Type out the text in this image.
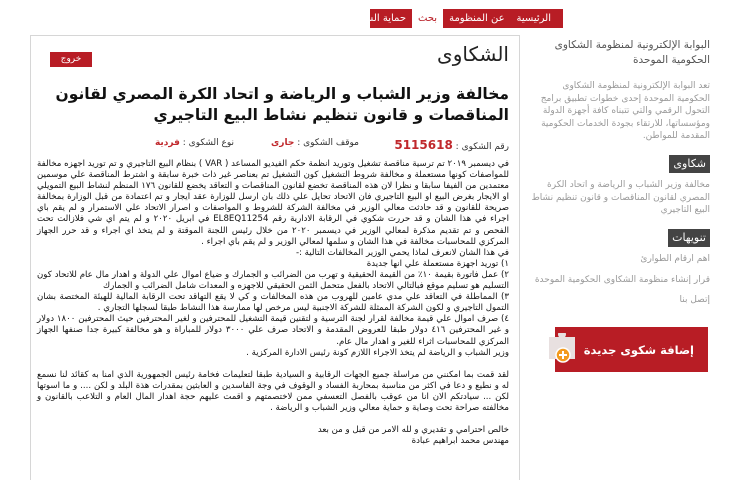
الرئيسية
عن المنظومة
بحث
حماية السرية
الشكاوى
خروج
مخالفة وزير الشباب و الرياضة و اتحاد الكرة المصري لقانون المناقصات و قانون تنظيم نشاط البيع التاجيري
رقم الشكوى : 5115618
موقف الشكوى : جارى
نوع الشكوى : فردية

في ديسمبر ٢٠١٩ تم ترسية مناقصة تشغيل وتوريد انظمة حكم الفيديو المساعد ( VAR ) بنظام البيع التاجيري و تم توريد اجهزه مخالفة للمواصفات كونها مستعملة و مخالفة شروط التشغيل كون التشغيل تم بعناصر غير ذات خبرة سابقة و اشترط المناقصة علي موسمين معتمدين من الفيفا سابقا و نظرا لان هذه المناقصة تخضع لقانون المناقصات و التعاقد يخضع للقانون ١٧٦ المنظم لنشاط البيع التمويلي او الايجار بغرض البيع او البيع التاجيري فان الاتحاد تحايل علي ذلك بان ارسل للوزارة عقد ايجار و تم اعتمادة من قبل الوزارة بمخالفة صريحة للقانون و قد حادثت معالي الوزير في مخالفة الشركة للشروط و المواصفات و اصرار الاتحاد علي الاستمرار و لم يقم باي اجراء في هذا الشان و قد حررت شكوي في الرقابة الادارية رقم EL8EQ11254 في ابريل ٢٠٢٠ و لم يتم اي شي فلازالت تحت الفحص و تم تقديم مذكرة لمعالي الوزير في ديسمبر ٢٠٢٠ من خلال رئيس اللجنة الموقتة و لم يتخذ اي اجراء و قد حرر الجهاز المركزي للمحاسبات مخالفة في هذا الشان و سلمها لمعالي الوزير و لم يقم باي اجراء .

في هذا الشان لانعرف لماذا يحمي الوزير المخالفات التالية :-

١) توريد اجهزة مستعملة علي انها جديدة

٢) عمل فاتورة بقيمة ١٠٪ من القيمة الحقيقية و تهرب من الضرائب و الجمارك و ضياع اموال علي الدولة و اهدار مال عام للاتحاد كون التسليم هو تسليم موقع فبالتالي الاتحاد بالفعل متحمل الثمن الحقيقي للاجهزه و المعدات شامل الضرائب و الجمارك

٣) المماطلة في التعاقد علي مدي عامين للهروب من هذه المخالفات و كي لا يقع التهاقد تحت الرقابة المالية للهيئة المختصة بشان التمول التاجيري و لكون الشركة الممثلة للشركة الاجنبية ليس مرخص لها ممارسة هذا النشاط طبقا لسجلها التجاري .

٤) صرف اموال علي قيمة مخالفة لقرار لجنة الترسية و لتقنين قيمة التشغيل للمحترفين و لغير المحترفين حيث المحترفين ١٨٠٠ دولار و غير المحترفين ٤١٦ دولار طبقا للعروض المقدمة و الاتحاد صرف علي ٣٠٠٠ دولار للمباراة و هو مخالفة كبيرة جدا صنفها الجهاز المركزي للمحاسبات اثراء للغير و اهدار مال عام.

وزير الشباب و الرياضة لم يتخذ الاجراء اللازم كونة رئيس الادارة المركزية .

لقد قمت بما امكنني من مراسلة جميع الجهات الرقابية و السيادية طبقا لتعليمات فخامة رئيس الجمهورية الذي امنا به كقائد لنا نسمع له و نطيع و دعا في اكثر من مناسبة بمحاربة الفساد و الوقوف في وجة الفاسدين و العابثين بمقدرات هذة البلد و لكن .... و ما اسوتها لكن ... سيادتكم الان انا من عوقب بالفصل التعسفي ممن لاختصمتهم و اقمت عليهم حجة اهدار المال العام و التلاعب بالقانون و مخالفته صراحة تحت وصاية و حماية معالي وزير الشباب و الرياضة .

خالص احترامي و تقديري و لله الامر من قبل و من بعد

مهندس محمد ابراهيم عبادة

البوابة الإلكترونية لمنظومة الشكاوى الحكومية الموحدة
تعد البوابة الإلكترونية لمنظومة الشكاوى الحكومية الموحدة إحدى خطوات تطبيق برامج التحول الرقمي والتي تتبناه كافة أجهزة الدولة ومؤسساتها، للارتقاء بجودة الخدمات الحكومية المقدمة للمواطن.
شكاوى
مخالفة وزير الشباب و الرياضة و اتحاد الكرة المصري لقانون المناقصات و قانون تنظيم نشاط البيع التاجيري
تنويهات
اهم ارقام الطوارئ
قرار إنشاء منظومة الشكاوى الحكومية الموحدة
إتصل بنا
إضافة شكوى جديدة
